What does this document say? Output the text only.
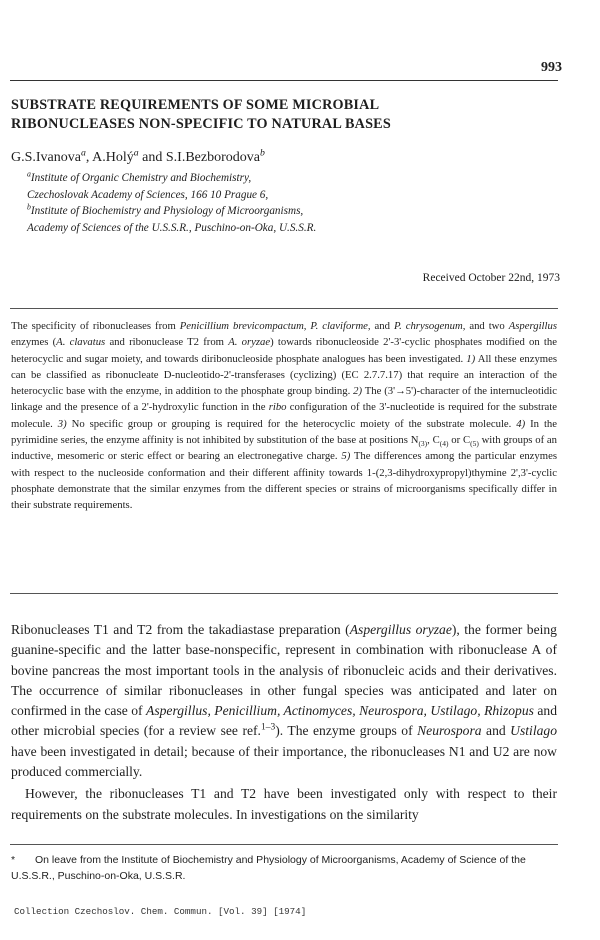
993
SUBSTRATE REQUIREMENTS OF SOME MICROBIAL
RIBONUCLEASES NON-SPECIFIC TO NATURAL BASES
G.S.Ivanova$^a$, A.Holý$^a$ and S.I.Bezborodova$^b$
$^a$Institute of Organic Chemistry and Biochemistry,
Czechoslovak Academy of Sciences, 166 10 Prague 6,
$^b$Institute of Biochemistry and Physiology of Microorganisms,
Academy of Sciences of the U.S.S.R., Puschino-on-Oka, U.S.S.R.
Received October 22nd, 1973

The specificity of ribonucleases from Penicillium brevicompactum, P. claviforme, and P. chrysogenum, and two Aspergillus enzymes (A. clavatus and ribonuclease T2 from A. oryzae) towards ribonucleoside 2'-3'-cyclic phosphates modified on the heterocyclic and sugar moiety, and towards diribonucleoside phosphate analogues has been investigated. 1) All these enzymes can be classified as ribonucleate D-nucleotido-2'-transferases (cyclizing) (EC 2.7.7.17) that require an interaction of the heterocyclic base with the enzyme, in addition to the phosphate group binding. 2) The (3'→5')-character of the internucleotidic linkage and the presence of a 2'-hydroxylic function in the ribo configuration of the 3'-nucleotide is required for the substrate molecule. 3) No specific group or grouping is required for the heterocyclic moiety of the substrate molecule. 4) In the pyrimidine series, the enzyme affinity is not inhibited by substitution of the base at positions $N_{(3)}$, $C_{(4)}$ or $C_{(5)}$ with groups of an inductive, mesomeric or steric effect or bearing an electronegative charge. 5) The differences among the particular enzymes with respect to the nucleoside conformation and their different affinity towards 1-(2,3-dihydroxypropyl)thymine 2',3'-cyclic phosphate demonstrate that the similar enzymes from the different species or strains of microorganisms specifically differ in their substrate requirements.

Ribonucleases T1 and T2 from the takadiastase preparation (Aspergillus oryzae), the former being guanine-specific and the latter base-nonspecific, represent in combination with ribonuclease A of bovine pancreas the most important tools in the analysis of ribonucleic acids and their derivatives. The occurrence of similar ribonucleases in other fungal species was anticipated and later on confirmed in the case of Aspergillus, Penicillium, Actinomyces, Neurospora, Ustilago, Rhizopus and other microbial species (for a review see ref.$^{1-3}$). The enzyme groups of Neurospora and Ustilago have been investigated in detail; because of their importance, the ribonucleases N1 and U2 are now produced commercially.

However, the ribonucleases T1 and T2 have been investigated only with respect to their requirements on the substrate molecules. In investigations on the similarity

* On leave from the Institute of Biochemistry and Physiology of Microorganisms, Academy of Science of the U.S.S.R., Puschino-on-Oka, U.S.S.R.

Collection Czechoslov. Chem. Commun. [Vol. 39] [1974]
